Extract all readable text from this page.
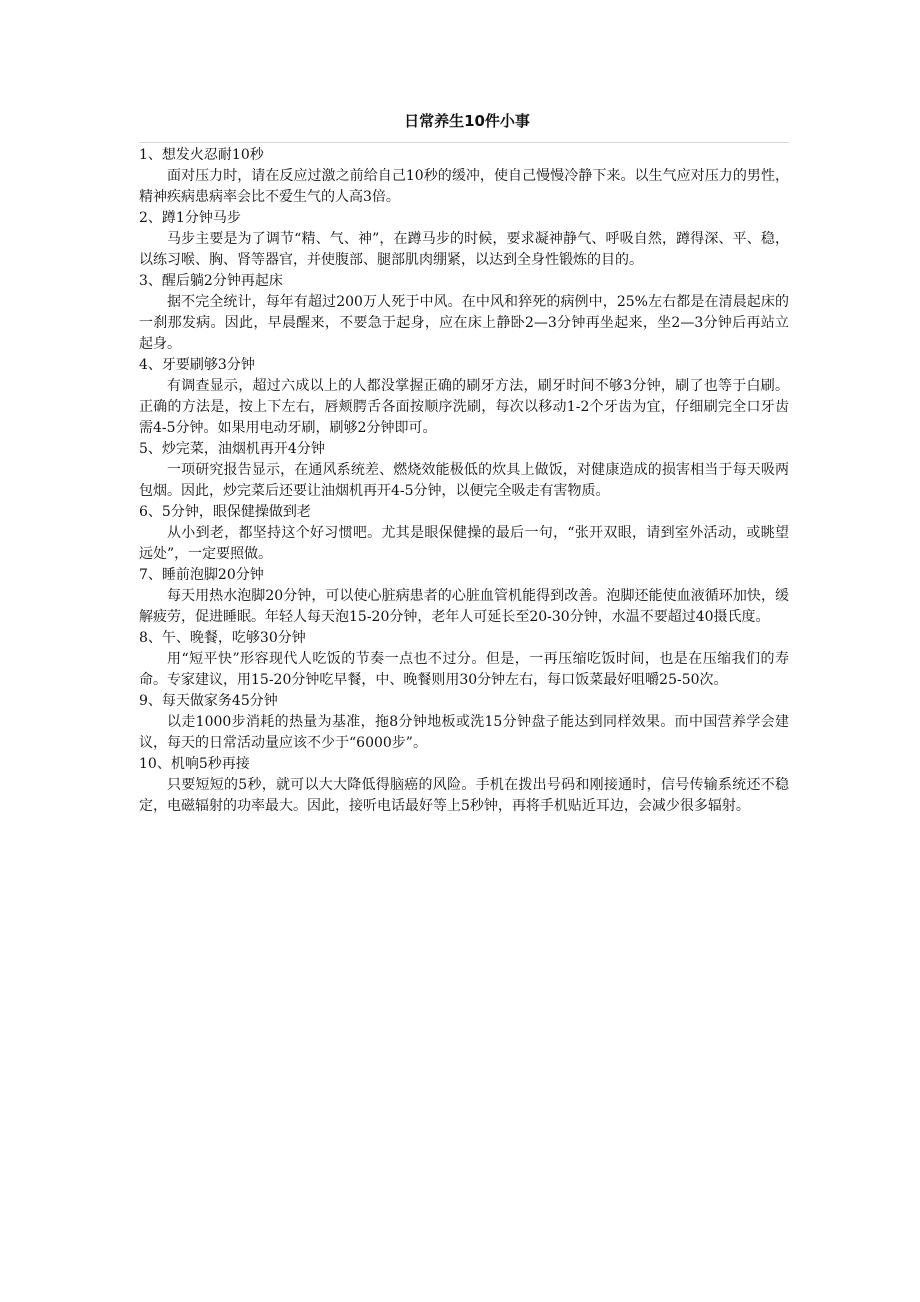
日常养生10件小事

1、想发火忍耐10秒

面对压力时，请在反应过激之前给自己10秒的缓冲，使自己慢慢冷静下来。以生气应对压力的男性，精神疾病患病率会比不爱生气的人高3倍。

2、蹲1分钟马步

马步主要是为了调节“精、气、神”，在蹲马步的时候，要求凝神静气、呼吸自然，蹲得深、平、稳，以练习喉、胸、肾等器官，并使腹部、腿部肌肉绷紧，以达到全身性锻炼的目的。

3、醒后躺2分钟再起床

据不完全统计，每年有超过200万人死于中风。在中风和猝死的病例中，25%左右都是在清晨起床的一刹那发病。因此，早晨醒来，不要急于起身，应在床上静卧2—3分钟再坐起来，坐2—3分钟后再站立起身。

4、牙要刷够3分钟

有调查显示，超过六成以上的人都没掌握正确的刷牙方法，刷牙时间不够3分钟，刷了也等于白刷。正确的方法是，按上下左右，唇颊腭舌各面按顺序洗刷，每次以移动1-2个牙齿为宜，仔细刷完全口牙齿需4-5分钟。如果用电动牙刷，刷够2分钟即可。

5、炒完菜，油烟机再开4分钟

一项研究报告显示，在通风系统差、燃烧效能极低的炊具上做饭，对健康造成的损害相当于每天吸两包烟。因此，炒完菜后还要让油烟机再开4-5分钟，以便完全吸走有害物质。

6、5分钟，眼保健操做到老

从小到老，都坚持这个好习惯吧。尤其是眼保健操的最后一句，“张开双眼，请到室外活动，或眺望远处”，一定要照做。

7、睡前泡脚20分钟

每天用热水泡脚20分钟，可以使心脏病患者的心脏血管机能得到改善。泡脚还能使血液循环加快，缓解疲劳，促进睡眠。年轻人每天泡15-20分钟，老年人可延长至20-30分钟，水温不要超过40摄氏度。

8、午、晚餐，吃够30分钟

用“短平快”形容现代人吃饭的节奏一点也不过分。但是，一再压缩吃饭时间，也是在压缩我们的寿命。专家建议，用15-20分钟吃早餐，中、晚餐则用30分钟左右，每口饭菜最好咀嚼25-50次。

9、每天做家务45分钟

以走1000步消耗的热量为基准，拖8分钟地板或洗15分钟盘子能达到同样效果。而中国营养学会建议，每天的日常活动量应该不少于“6000步”。

10、机响5秒再接

只要短短的5秒，就可以大大降低得脑癌的风险。手机在拨出号码和刚接通时，信号传输系统还不稳定，电磁辐射的功率最大。因此，接听电话最好等上5秒钟，再将手机贴近耳边，会减少很多辐射。
